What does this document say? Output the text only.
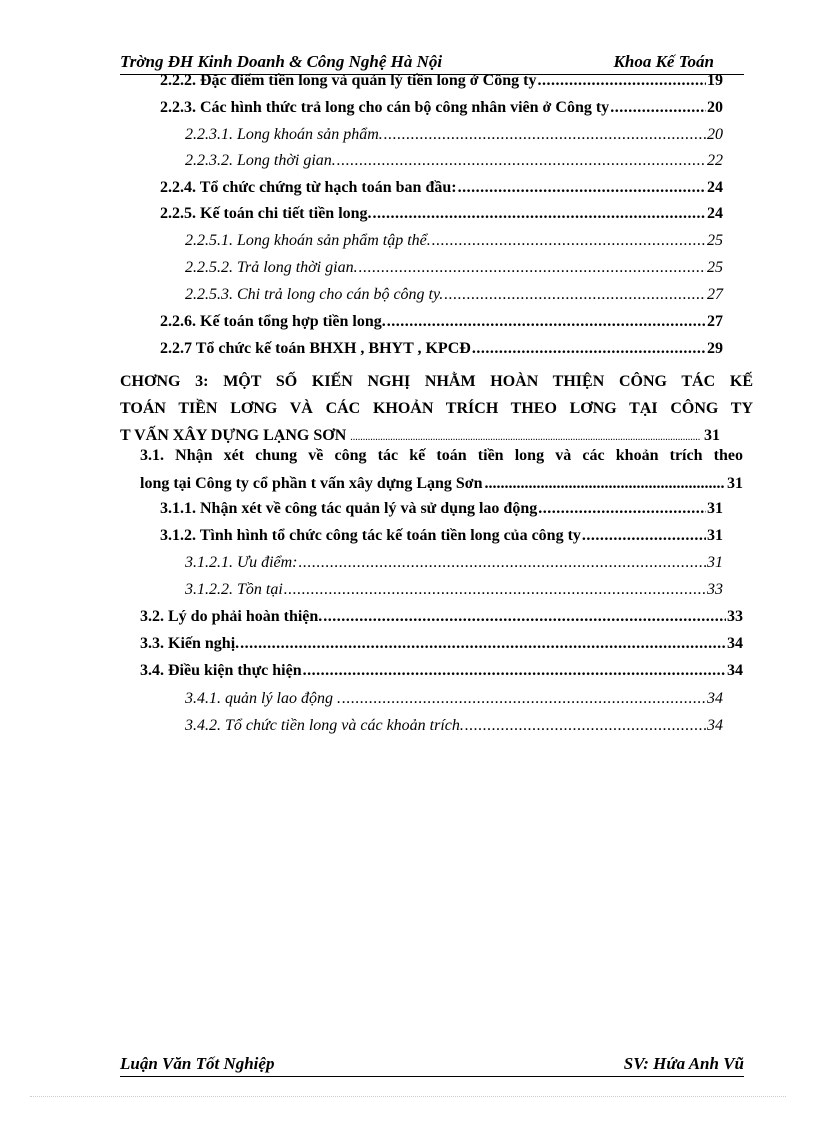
Trờng ĐH Kinh Doanh & Công Nghệ Hà Nội	Khoa Kế Toán
2.2.2. Đặc điểm tiền long và quản lý tiền long ở Công ty .....	19
2.2.3. Các hình thức trả long cho cán bộ công nhân viên ở Công ty .....	20
2.2.3.1. Long khoán sản phẩm. .....	20
2.2.3.2. Long thời gian. .....	22
2.2.4. Tổ chức chứng từ hạch toán ban đầu: .....	24
2.2.5. Kế toán chi tiết tiền long. .....	24
2.2.5.1. Long khoán sản phẩm tập thể. .....	25
2.2.5.2. Trả long thời gian. .....	25
2.2.5.3. Chi trả long cho cán bộ công ty. .....	27
2.2.6. Kế toán tổng hợp tiền long. .....	27
2.2.7 Tổ chức kế toán BHXH , BHYT , KPCĐ .....	29
CHƠNG 3: MỘT SỐ KIẾN NGHỊ NHẰM HOÀN THIỆN CÔNG TÁC KẾ
TOÁN TIỀN LƠNG VÀ CÁC KHOẢN TRÍCH THEO LƠNG TẠI CÔNG TY
T VẤN XÂY DỰNG LẠNG SƠN .....	31
3.1. Nhận xét chung về công tác kế toán tiền long và các khoản trích theo
long tại Công ty cổ phần t vấn xây dựng Lạng Sơn .....	31
3.1.1. Nhận xét về công tác quản lý và sử dụng lao động .....	31
3.1.2. Tình hình tổ chức công tác kế toán tiền long của công ty .....	31
3.1.2.1. Ưu điểm: .....	31
3.1.2.2. Tồn tại .....	33
3.2. Lý do phải hoàn thiện. .....	33
3.3. Kiến nghị. .....	34
3.4. Điều kiện thực hiện .....	34
3.4.1. quản lý lao động . .....	34
3.4.2. Tổ chức tiền long và các khoản trích. .....	34
Luận Văn Tốt Nghiệp	SV: Hứa Anh Vũ
